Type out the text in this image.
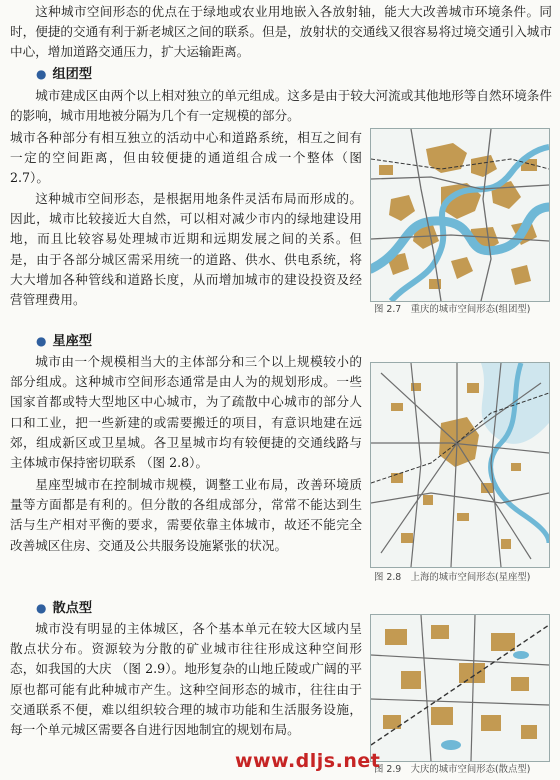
这种城市空间形态的优点在于绿地或农业用地嵌入各放射轴，能大大改善城市环境条件。同时，便捷的交通有利于新老城区之间的联系。但是，放射状的交通线又很容易将过境交通引入城市中心，增加道路交通压力，扩大运输距离。

● 组团型

城市建成区由两个以上相对独立的单元组成。这多是由于较大河流或其他地形等自然环境条件的影响，城市用地被分隔为几个有一定规模的部分。

城市各种部分有相互独立的活动中心和道路系统，相互之间有一定的空间距离，但由较便捷的通道组合成一个整体（图 2.7）。

这种城市空间形态，是根据用地条件灵活布局而形成的。因此，城市比较接近大自然，可以相对减少市内的绿地建设用地，而且比较容易处理城市近期和远期发展之间的关系。但是，由于各部分城区需采用统一的道路、供水、供电系统，将大大增加各种管线和道路长度，从而增加城市的建设投资及经营管理费用。

图 2.7　重庆的城市空间形态(组团型)

● 星座型

城市由一个规模相当大的主体部分和三个以上规模较小的部分组成。这种城市空间形态通常是由人为的规划形成。一些国家首都或特大型地区中心城市，为了疏散中心城市的部分人口和工业，把一些新建的或需要搬迁的项目，有意识地建在远郊，组成新区或卫星城。各卫星城市均有较便捷的交通线路与主体城市保持密切联系 （图 2.8）。

星座型城市在控制城市规模，调整工业布局，改善环境质量等方面都是有利的。但分散的各组成部分，常常不能达到生活与生产相对平衡的要求，需要依靠主体城市，故还不能完全改善城区住房、交通及公共服务设施紧张的状况。

图 2.8　上海的城市空间形态(星座型)

● 散点型

城市没有明显的主体城区，各个基本单元在较大区域内呈散点状分布。资源较为分散的矿业城市往往形成这种空间形态，如我国的大庆 （图 2.9）。地形复杂的山地丘陵或广阔的平原也都可能有此种城市产生。这种空间形态的城市，往往由于交通联系不便，难以组织较合理的城市功能和生活服务设施，每一个单元城区需要各自进行因地制宜的规划布局。

图 2.9　大庆的城市空间形态(散点型)

www.dljs.net
